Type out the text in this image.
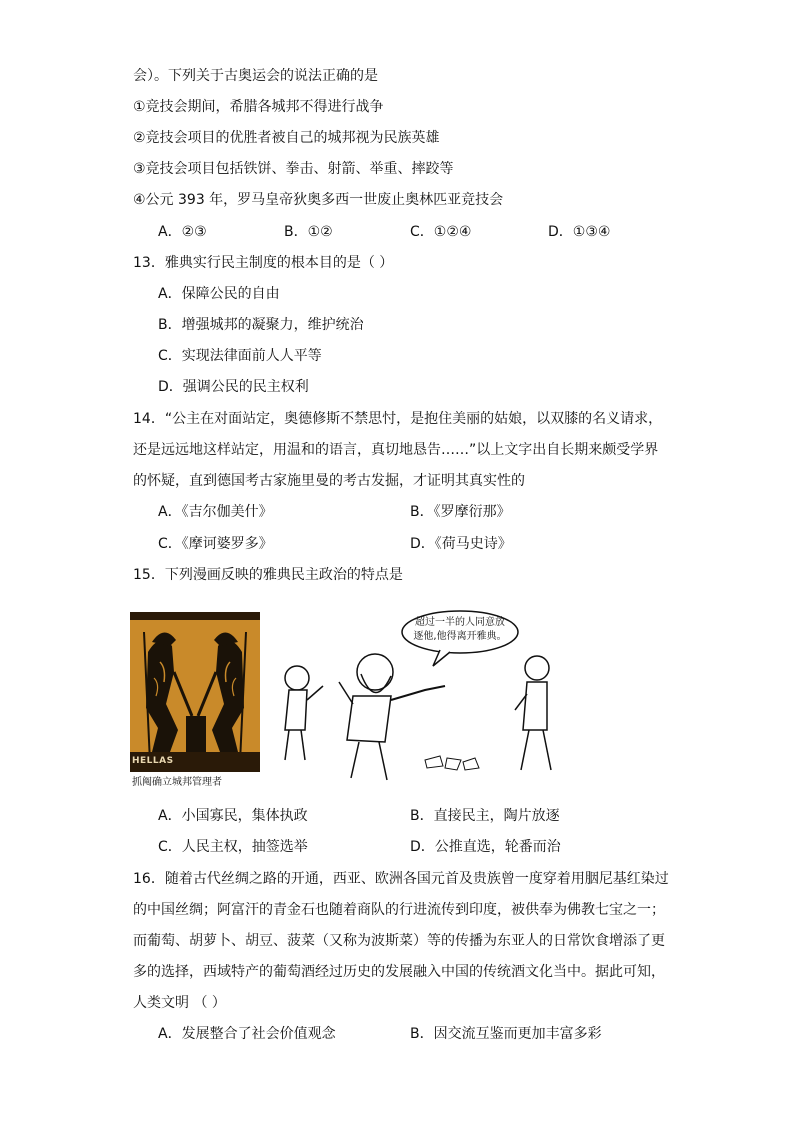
会）。下列关于古奥运会的说法正确的是
①竞技会期间，希腊各城邦不得进行战争
②竞技会项目的优胜者被自己的城邦视为民族英雄
③竞技会项目包括铁饼、拳击、射箭、举重、摔跤等
④公元 393 年，罗马皇帝狄奥多西一世废止奥林匹亚竞技会
A．②③	B．①②	C．①②④	D．①③④
13．雅典实行民主制度的根本目的是（ ）
A．保障公民的自由
B．增强城邦的凝聚力，维护统治
C．实现法律面前人人平等
D．强调公民的民主权利
14．“公主在对面站定，奥德修斯不禁思忖，是抱住美丽的姑娘，以双膝的名义请求，
还是远远地这样站定，用温和的语言，真切地恳告……”以上文字出自长期来颇受学界
的怀疑，直到德国考古家施里曼的考古发掘，才证明其真实性的
A．《吉尔伽美什》	B．《罗摩衍那》
C．《摩诃婆罗多》	D．《荷马史诗》
15．下列漫画反映的雅典民主政治的特点是
HELLAS
抓阄确立城邦管理者
超过一半的人同意放
逐他,他得离开雅典。
A．小国寡民，集体执政	B．直接民主，陶片放逐
C．人民主权，抽签选举	D．公推直选，轮番而治
16．随着古代丝绸之路的开通，西亚、欧洲各国元首及贵族曾一度穿着用胭尼基红染过
的中国丝绸；阿富汗的青金石也随着商队的行进流传到印度，被供奉为佛教七宝之一；
而葡萄、胡萝卜、胡豆、菠菜（又称为波斯菜）等的传播为东亚人的日常饮食增添了更
多的选择，西域特产的葡萄酒经过历史的发展融入中国的传统酒文化当中。据此可知，
人类文明 （ ）
A．发展整合了社会价值观念	B．因交流互鉴而更加丰富多彩
